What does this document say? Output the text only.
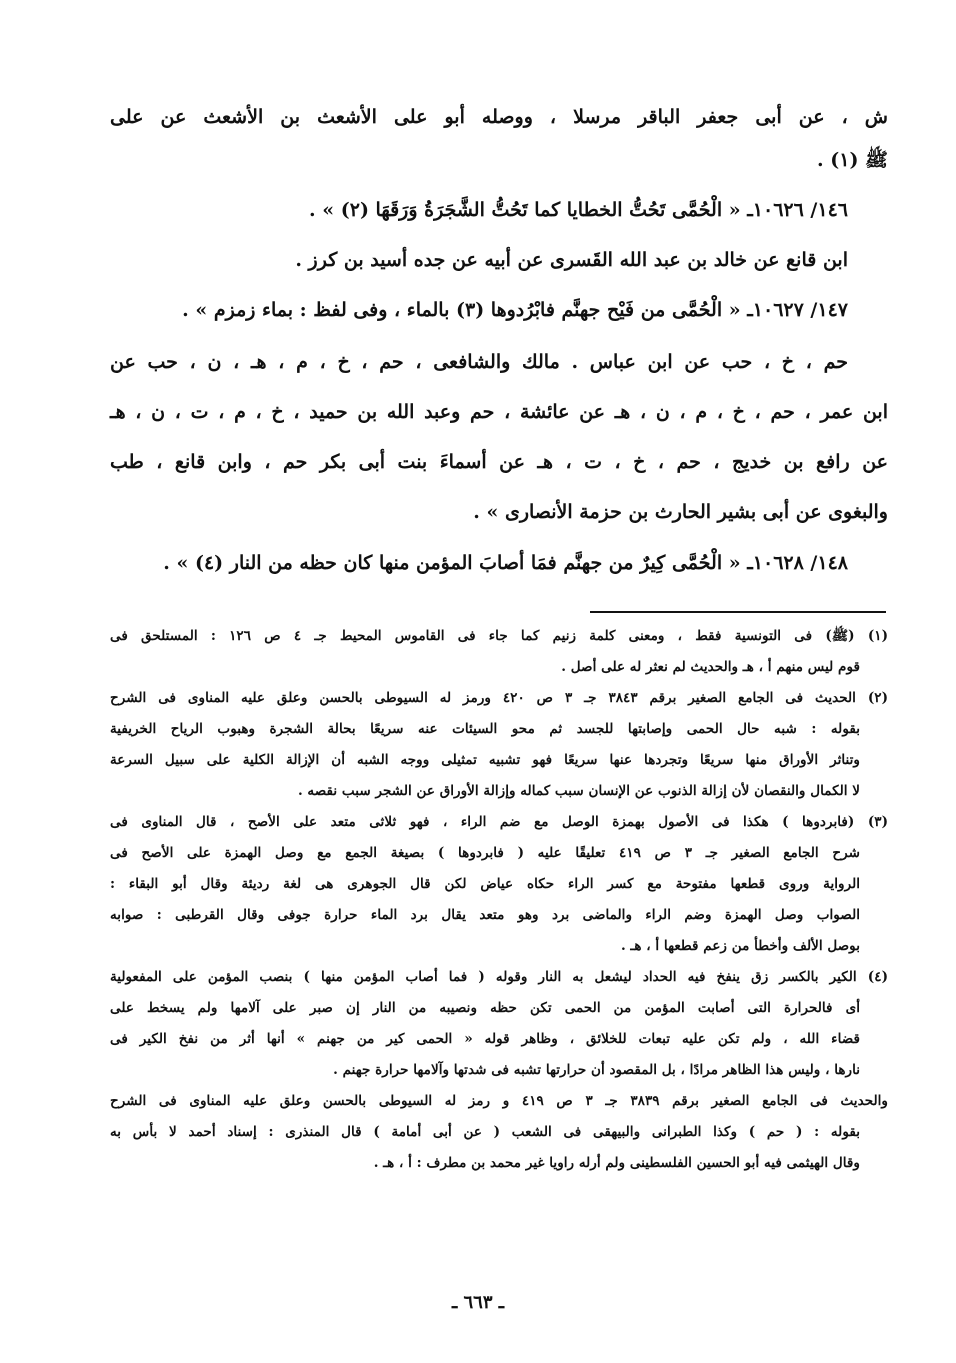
ش ، عن أبى جعفر الباقر مرسلا ، ووصله أبو على الأشعث بن الأشعث عن على
ﷺ (١) .
١٤٦/ ١٠٦٢٦ـ « الْحُمَّى تَحُتُّ الخطايا كما تَحُتُّ الشَّجَرَةُ وَرَقَهَا (٢) » .
ابن قانع عن خالد بن عبد الله القَسرى عن أبيه عن جده أسيد بن كرز .
١٤٧/ ١٠٦٢٧ـ « الْحُمَّى من فَيْح جهنَّم فابْرُدوها (٣) بالماء ، وفى لفظ : بماء زمزم » .
حم ، خ ، حب عن ابن عباس . مالك والشافعى ، حم ، خ ، م ، هـ ، ن ، حب عن
ابن عمر ، حم ، خ ، م ، ن ، هـ عن عائشة ، حم وعبد الله بن حميد ، خ ، م ، ت ، ن ، هـ
عن رافع بن خديج ، حم ، خ ، ت ، هـ عن أسماءَ بنت أبى بكر حم ، وابن قانع ، طب
والبغوى عن أبى بشير الحارث بن حزمة الأنصارى » .
١٤٨/ ١٠٦٢٨ـ « الْحُمَّى كِيرٌ من جهنَّم فمَا أصابَ المؤمن منها كان حظه من النار (٤) » .
(١) (ﷺ) فى التونسية فقط ، ومعنى كلمة زنيم كما جاء فى القاموس المحيط جـ ٤ ص ١٢٦ : المستلحق فى
قوم ليس منهم أ ، هـ والحديث لم نعثر له على أصل .
(٢) الحديث فى الجامع الصغير برقم ٣٨٤٣ جـ ٣ ص ٤٢٠ ورمز له السيوطى بالحسن وعلق عليه المناوى فى الشرح
بقوله : شبه حال الحمى وإصابتها للجسد ثم محو السيئات عنه سريعًا بحالة الشجرة وهبوب الرياح الخريفية
وتناثر الأوراق منها سريعًا وتجردها عنها سريعًا فهو تشبيه تمثيلى ووجه الشبه أن الإزالة الكلية على سبيل السرعة
لا الكمال والنقصان لأن إزالة الذنوب عن الإنسان سبب كماله وإزالة الأوراق عن الشجر سبب نقصه .
(٣) (فابردوها ) هكذا فى الأصول بهمزة الوصل مع ضم الراء ، فهو ثلاثى متعد على الأصح ، قال المناوى فى
شرح الجامع الصغير جـ ٣ ص ٤١٩ تعليقًا عليه ( فابردوها ) بصيغة الجمع مع وصل الهمزة على الأصح فى
الرواية وروى قطعها مفتوحة مع كسر الراء حكاه عياض لكن قال الجوهرى هى لغة رديئة وقال أبو البقاء :
الصواب وصل الهمزة وضم الراء والماضى برد وهو متعد يقال برد الماء حرارة جوفى وقال القرطبى : صوابه
بوصل الألف وأخطأ من زعم قطعها أ ، هـ .
(٤) الكير بالكسر زق ينفخ فيه الحداد ليشعل به النار وقوله ( فما أصاب المؤمن منها ) بنصب المؤمن على المفعولية
أى فالحرارة التى أصابت المؤمن من الحمى تكن حظه ونصيبه من النار إن صبر على آلامها ولم يسخط على
قضاء الله ، ولم تكن عليه تبعات للخلائق ، وظاهر قوله « الحمى كير من جهنم » أنها أثر من نفخ الكير فى
نارها ، وليس هذا الظاهر مرادًا ، بل المقصود أن حرارتها تشبه فى شدتها وآلامها حرارة جهنم .
والحديث فى الجامع الصغير برقم ٣٨٣٩ جـ ٣ ص ٤١٩ و رمز له السيوطى بالحسن وعلق عليه المناوى فى الشرح
بقوله : ( حم ) وكذا الطبرانى والبيهقى فى الشعب ( عن أبى أمامة ) قال المنذرى : إسناد أحمد لا بأس به
وقال الهيثمى فيه أبو الحسين الفلسطينى ولم أرله راويا غير محمد بن مطرف : أ ، هـ .
ـ ٦٦٣ ـ
